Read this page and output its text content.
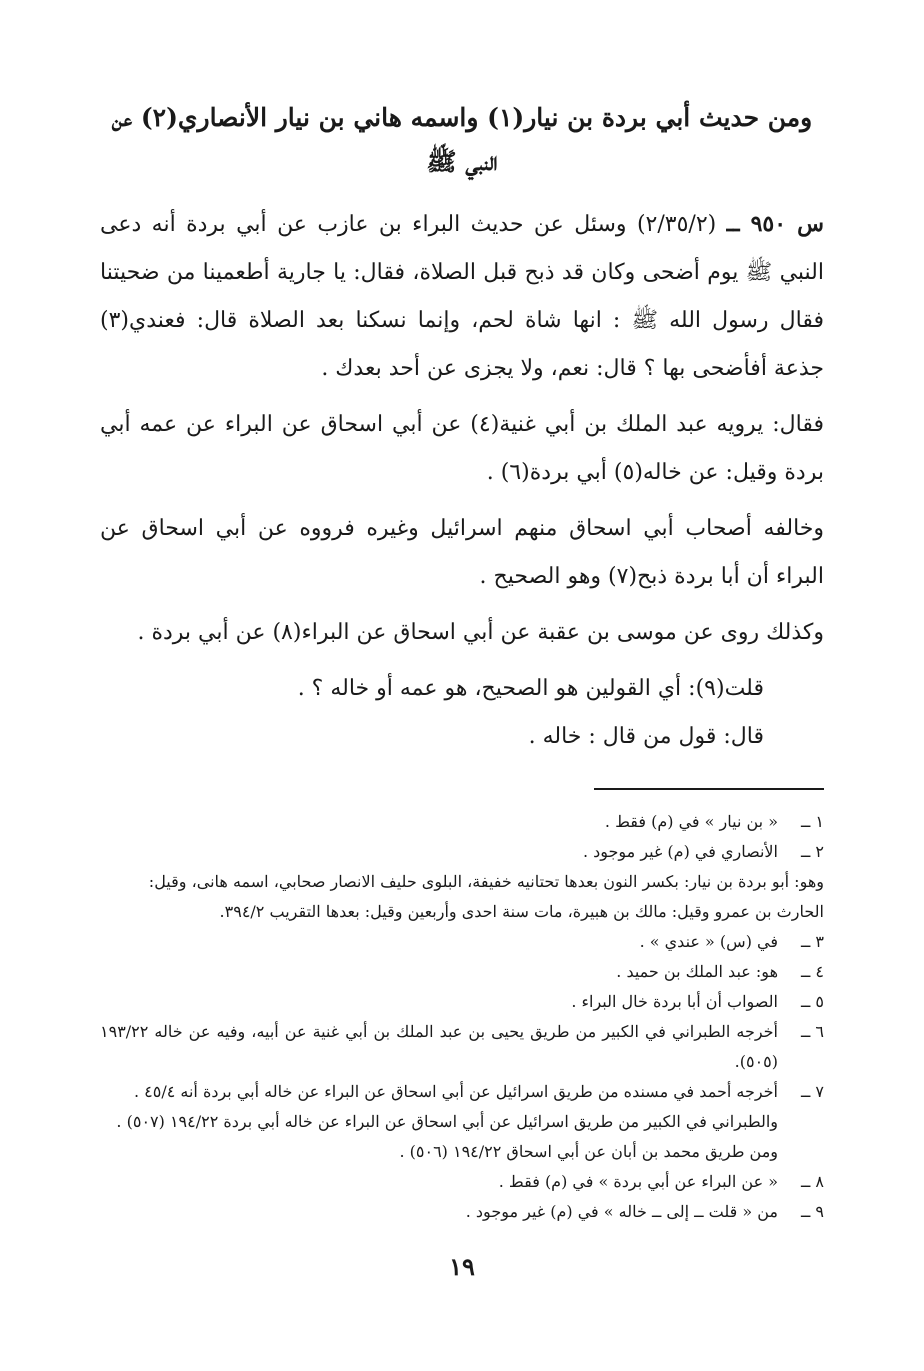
ومن حديث أبي بردة بن نيار(١) واسمه هاني بن نيار الأنصاري(٢) عن النبي ﷺ

س ٩٥٠ ــ (٢/٣٥/٢) وسئل عن حديث البراء بن عازب عن أبي بردة أنه دعى النبي ﷺ يوم أضحى وكان قد ذبح قبل الصلاة، فقال: يا جارية أطعمينا من ضحيتنا فقال رسول الله ﷺ : انها شاة لحم، وإنما نسكنا بعد الصلاة قال: فعندي(٣) جذعة أفأضحى بها ؟ قال: نعم، ولا يجزى عن أحد بعدك .

فقال: يرويه عبد الملك بن أبي غنية(٤) عن أبي اسحاق عن البراء عن عمه أبي بردة وقيل: عن خاله(٥) أبي بردة(٦) .

وخالفه أصحاب أبي اسحاق منهم اسرائيل وغيره فرووه عن أبي اسحاق عن البراء أن أبا بردة ذبح(٧) وهو الصحيح .

وكذلك روى عن موسى بن عقبة عن أبي اسحاق عن البراء(٨) عن أبي بردة .

قلت(٩): أي القولين هو الصحيح، هو عمه أو خاله ؟ .

قال: قول من قال : خاله .

١ ــ
« بن نيار » في (م) فقط .
٢ ــ
الأنصاري في (م) غير موجود .
وهو: أبو بردة بن نيار: بكسر النون بعدها تحتانيه خفيفة، البلوى حليف الانصار صحابي، اسمه هانى، وقيل:
الحارث بن عمرو وقيل: مالك بن هبيرة، مات سنة احدى وأربعين وقيل: بعدها التقريب ٣٩٤/٢.
٣ ــ
في (س) « عندي » .
٤ ــ
هو: عبد الملك بن حميد .
٥ ــ
الصواب أن أبا بردة خال البراء .
٦ ــ
أخرجه الطبراني في الكبير من طريق يحيى بن عبد الملك بن أبي غنية عن أبيه، وفيه عن خاله ١٩٣/٢٢ (٥٠٥).
٧ ــ
أخرجه أحمد في مسنده من طريق اسرائيل عن أبي اسحاق عن البراء عن خاله أبي بردة أنه ٤٥/٤ .
والطبراني في الكبير من طريق اسرائيل عن أبي اسحاق عن البراء عن خاله أبي بردة ١٩٤/٢٢ (٥٠٧) .
ومن طريق محمد بن أبان عن أبي اسحاق ١٩٤/٢٢ (٥٠٦) .
٨ ــ
« عن البراء عن أبي بردة » في (م) فقط .
٩ ــ
من « قلت ــ إلى ــ خاله » في (م) غير موجود .
١٩
